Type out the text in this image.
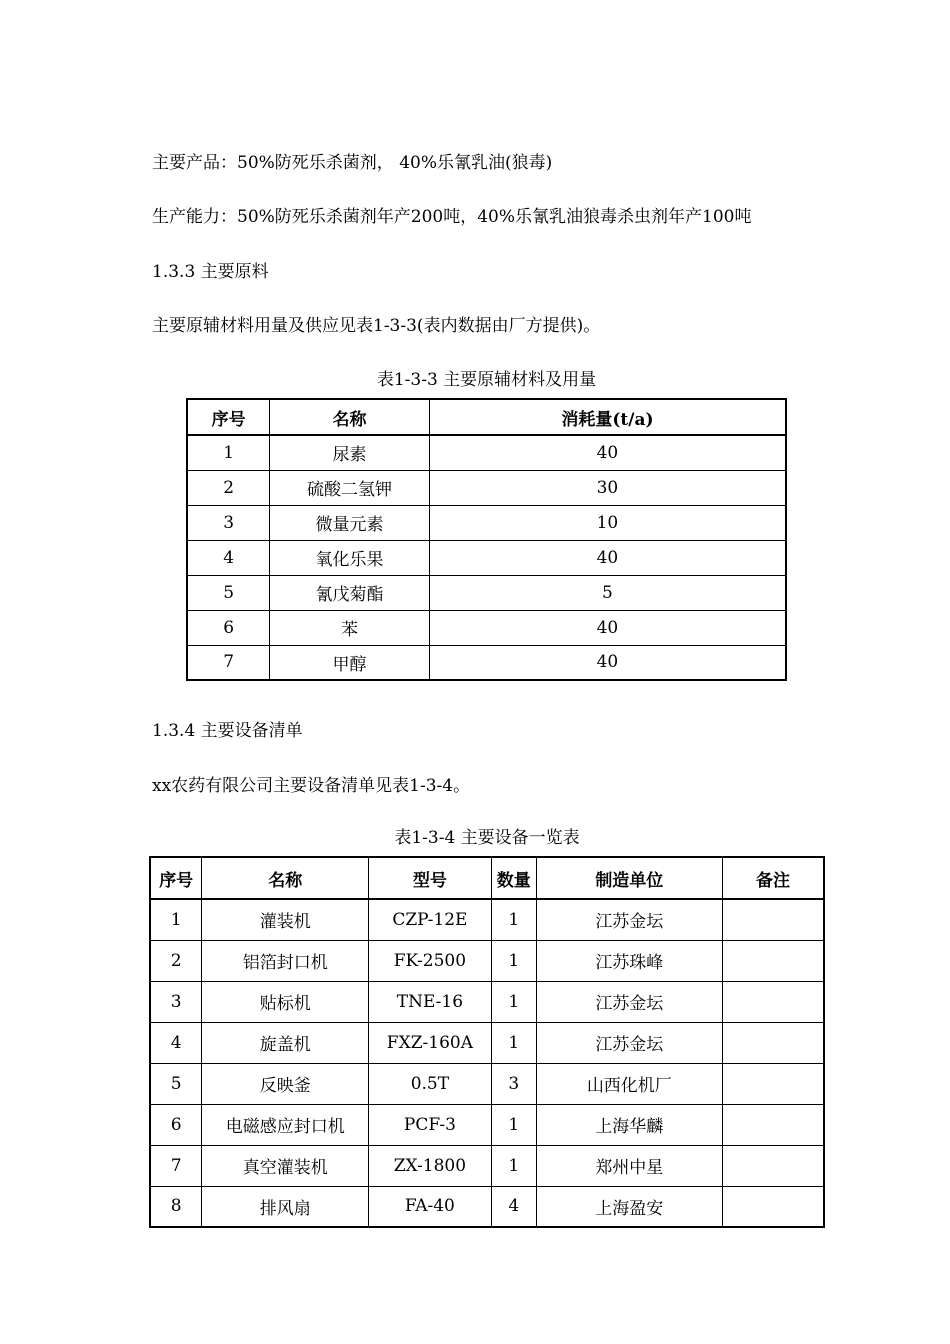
主要产品：50%防死乐杀菌剂， 40%乐氰乳油(狼毒)
生产能力：50%防死乐杀菌剂年产200吨，40%乐氰乳油狼毒杀虫剂年产100吨
1.3.3 主要原料
主要原辅材料用量及供应见表1-3-3(表内数据由厂方提供)。
表1-3-3 主要原辅材料及用量
序号	名称	消耗量(t/a)
1	尿素	40
2	硫酸二氢钾	30
3	微量元素	10
4	氧化乐果	40
5	氰戊菊酯	5
6	苯	40
7	甲醇	40
1.3.4 主要设备清单
xx农药有限公司主要设备清单见表1-3-4。
表1-3-4 主要设备一览表
序号	名称	型号	数量	制造单位	备注
1	灌装机	CZP-12E	1	江苏金坛	
2	铝箔封口机	FK-2500	1	江苏珠峰	
3	贴标机	TNE-16	1	江苏金坛	
4	旋盖机	FXZ-160A	1	江苏金坛	
5	反映釜	0.5T	3	山西化机厂	
6	电磁感应封口机	PCF-3	1	上海华麟	
7	真空灌装机	ZX-1800	1	郑州中星	
8	排风扇	FA-40	4	上海盈安	
